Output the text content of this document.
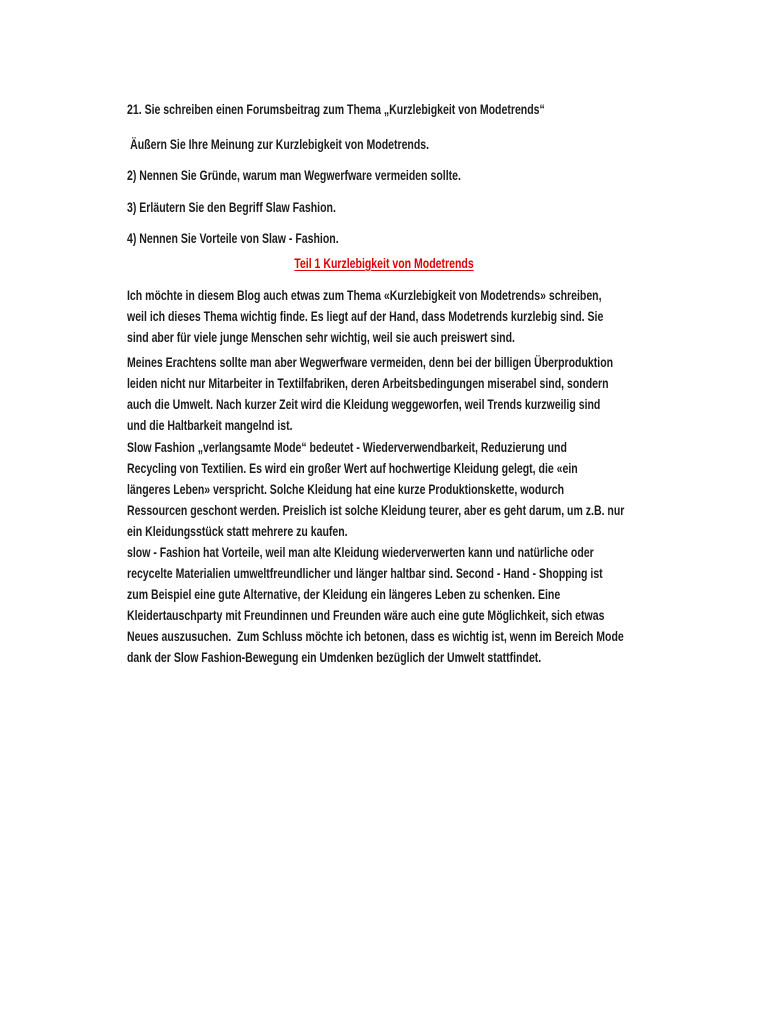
21. Sie schreiben einen Forumsbeitrag zum Thema „Kurzlebigkeit von Modetrends“
Äußern Sie Ihre Meinung zur Kurzlebigkeit von Modetrends.
2) Nennen Sie Gründe, warum man Wegwerfware vermeiden sollte.
3) Erläutern Sie den Begriff Slaw Fashion.
4) Nennen Sie Vorteile von Slaw - Fashion.
Teil 1 Kurzlebigkeit von Modetrends
Ich möchte in diesem Blog auch etwas zum Thema «Kurzlebigkeit von Modetrends» schreiben,
weil ich dieses Thema wichtig finde. Es liegt auf der Hand, dass Modetrends kurzlebig sind. Sie
sind aber für viele junge Menschen sehr wichtig, weil sie auch preiswert sind.
Meines Erachtens sollte man aber Wegwerfware vermeiden, denn bei der billigen Überproduktion
leiden nicht nur Mitarbeiter in Textilfabriken, deren Arbeitsbedingungen miserabel sind, sondern
auch die Umwelt. Nach kurzer Zeit wird die Kleidung weggeworfen, weil Trends kurzweilig sind
und die Haltbarkeit mangelnd ist.
Slow Fashion „verlangsamte Mode“ bedeutet - Wiederverwendbarkeit, Reduzierung und
Recycling von Textilien. Es wird ein großer Wert auf hochwertige Kleidung gelegt, die «ein
längeres Leben» verspricht. Solche Kleidung hat eine kurze Produktionskette, wodurch
Ressourcen geschont werden. Preislich ist solche Kleidung teurer, aber es geht darum, um z.B. nur
ein Kleidungsstück statt mehrere zu kaufen.
slow - Fashion hat Vorteile, weil man alte Kleidung wiederverwerten kann und natürliche oder
recycelte Materialien umweltfreundlicher und länger haltbar sind. Second - Hand - Shopping ist
zum Beispiel eine gute Alternative, der Kleidung ein längeres Leben zu schenken. Eine
Kleidertauschparty mit Freundinnen und Freunden wäre auch eine gute Möglichkeit, sich etwas
Neues auszusuchen.  Zum Schluss möchte ich betonen, dass es wichtig ist, wenn im Bereich Mode
dank der Slow Fashion-Bewegung ein Umdenken bezüglich der Umwelt stattfindet.
